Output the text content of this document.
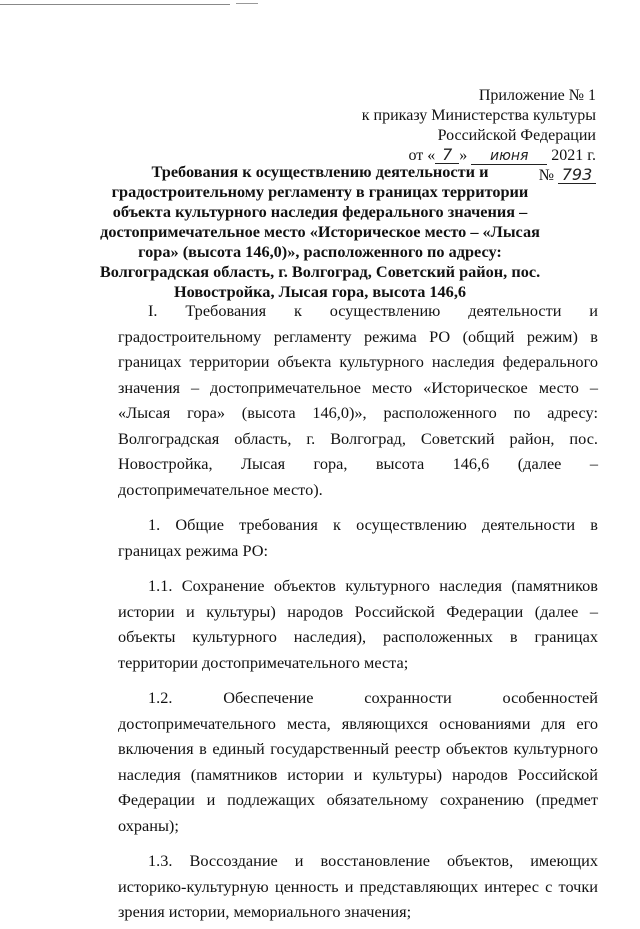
Приложение № 1
к приказу Министерства культуры
Российской Федерации
от « 7 » июня 2021 г.
№ 793
Требования к осуществлению деятельности и градостроительному регламенту в границах территории объекта культурного наследия федерального значения – достопримечательное место «Историческое место – «Лысая гора» (высота 146,0)», расположенного по адресу: Волгоградская область, г. Волгоград, Советский район, пос. Новостройка, Лысая гора, высота 146,6

I. Требования к осуществлению деятельности и градостроительному регламенту режима РО (общий режим) в границах территории объекта культурного наследия федерального значения – достопримечательное место «Историческое место – «Лысая гора» (высота 146,0)», расположенного по адресу: Волгоградская область, г. Волгоград, Советский район, пос. Новостройка, Лысая гора, высота 146,6 (далее – достопримечательное место).

1. Общие требования к осуществлению деятельности в границах режима РО:

1.1. Сохранение объектов культурного наследия (памятников истории и культуры) народов Российской Федерации (далее – объекты культурного наследия), расположенных в границах территории достопримечательного места;

1.2. Обеспечение сохранности особенностей достопримечательного места, являющихся основаниями для его включения в единый государственный реестр объектов культурного наследия (памятников истории и культуры) народов Российской Федерации и подлежащих обязательному сохранению (предмет охраны);

1.3. Воссоздание и восстановление объектов, имеющих историко-культурную ценность и представляющих интерес с точки зрения истории, мемориального значения;
